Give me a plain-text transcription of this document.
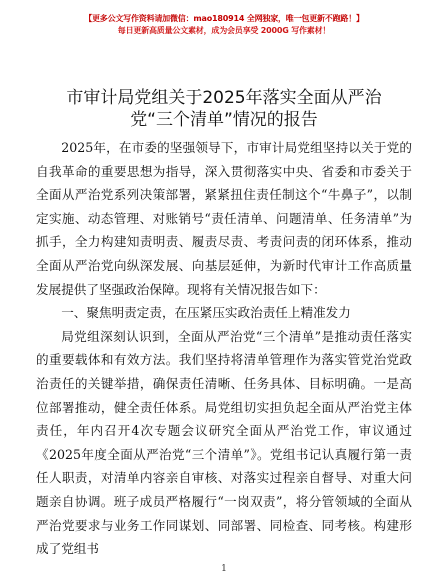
【更多公文写作资料请加微信：mao180914 全网独家，唯一包更新不跑路！】
每日更新高质量公文素材，成为会员享受 2000G 写作素材！
市审计局党组关于2025年落实全面从严治
党“三个清单”情况的报告

2025年，在市委的坚强领导下，市审计局党组坚持以关于党的自我革命的重要思想为指导，深入贯彻落实中央、省委和市委关于全面从严治党系列决策部署，紧紧扭住责任制这个“牛鼻子”，以制定实施、动态管理、对账销号“责任清单、问题清单、任务清单”为抓手，全力构建知责明责、履责尽责、考责问责的闭环体系，推动全面从严治党向纵深发展、向基层延伸，为新时代审计工作高质量发展提供了坚强政治保障。现将有关情况报告如下：

一、聚焦明责定责，在压紧压实政治责任上精准发力

局党组深刻认识到，全面从严治党“三个清单”是推动责任落实的重要载体和有效方法。我们坚持将清单管理作为落实管党治党政治责任的关键举措，确保责任清晰、任务具体、目标明确。一是高位部署推动，健全责任体系。局党组切实担负起全面从严治党主体责任，年内召开4次专题会议研究全面从严治党工作，审议通过《2025年度全面从严治党“三个清单”》。党组书记认真履行第一责任人职责，对清单内容亲自审核、对落实过程亲自督导、对重大问题亲自协调。班子成员严格履行“一岗双责”，将分管领域的全面从严治党要求与业务工作同谋划、同部署、同检查、同考核。构建形成了党组书

1
